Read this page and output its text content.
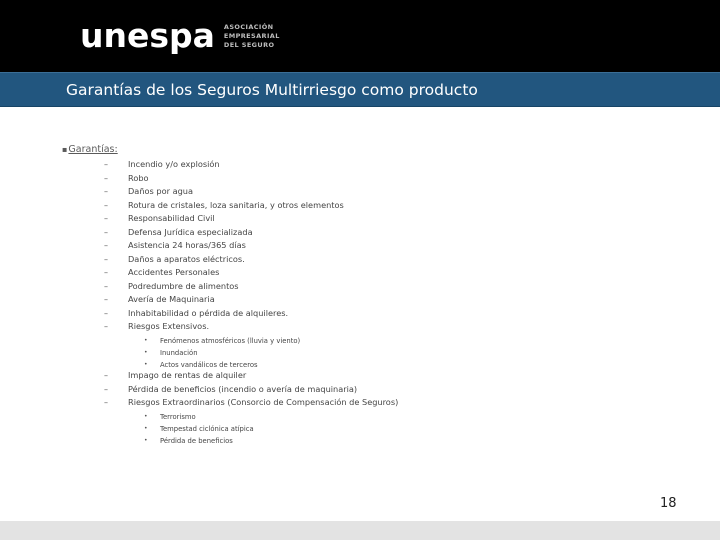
unespa ASOCIACIÓN
EMPRESARIAL
DEL SEGURO
Garantías de los Seguros Multirriesgo como producto
▪Garantías:
–	Incendio y/o explosión
–	Robo
–	Daños por agua
–	Rotura de cristales, loza sanitaria, y otros elementos
–	Responsabilidad Civil
–	Defensa Jurídica especializada
–	Asistencia 24 horas/365 días
–	Daños a aparatos eléctricos.
–	Accidentes Personales
–	Podredumbre de alimentos
–	Avería de Maquinaria
–	Inhabitabilidad o pérdida de alquileres.
–	Riesgos Extensivos.
• Fenómenos atmosféricos (lluvia y viento)
• Inundación
• Actos vandálicos de terceros
–	Impago de rentas de alquiler
–	Pérdida de beneficios (incendio o avería de maquinaria)
–	Riesgos Extraordinarios (Consorcio de Compensación de Seguros)
• Terrorismo
• Tempestad ciclónica atípica
• Pérdida de beneficios
18
